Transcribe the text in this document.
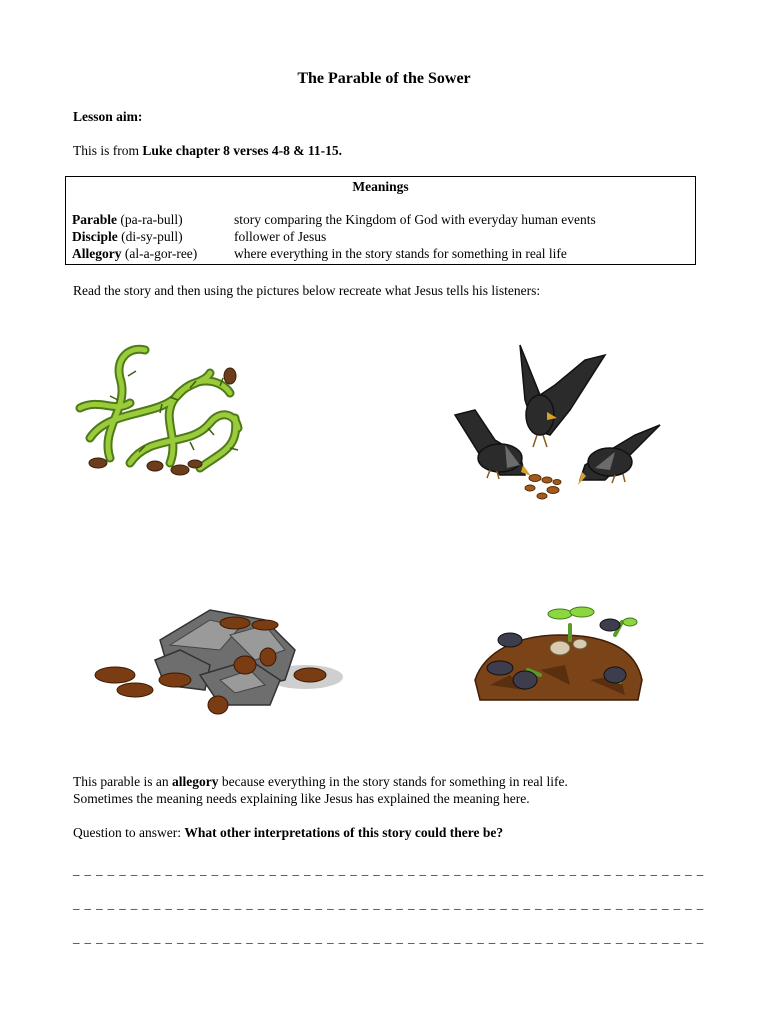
The Parable of the Sower
Lesson aim:
This is from Luke chapter 8 verses 4-8 & 11-15.
Meanings
Parable (pa-ra-bull)	story comparing the Kingdom of God with everyday human events
Disciple (di-sy-pull)	follower of Jesus
Allegory (al-a-gor-ree)	where everything in the story stands for something in real life
Read the story and then using the pictures below recreate what Jesus tells his listeners:
This parable is an allegory because everything in the story stands for something in real life.
Sometimes the meaning needs explaining like Jesus has explained the meaning here.
Question to answer: What other interpretations of this story could there be?
_ _ _ _ _ _ _ _ _ _ _ _ _ _ _ _ _ _ _ _ _ _ _ _ _ _ _ _ _ _ _ _ _ _ _ _ _ _ _ _ _ _ _ _ _ _ _ _ _ _ _ _ _ _ _
_ _ _ _ _ _ _ _ _ _ _ _ _ _ _ _ _ _ _ _ _ _ _ _ _ _ _ _ _ _ _ _ _ _ _ _ _ _ _ _ _ _ _ _ _ _ _ _ _ _ _ _ _ _ _
_ _ _ _ _ _ _ _ _ _ _ _ _ _ _ _ _ _ _ _ _ _ _ _ _ _ _ _ _ _ _ _ _ _ _ _ _ _ _ _ _ _ _ _ _ _ _ _ _ _ _ _ _ _ _
